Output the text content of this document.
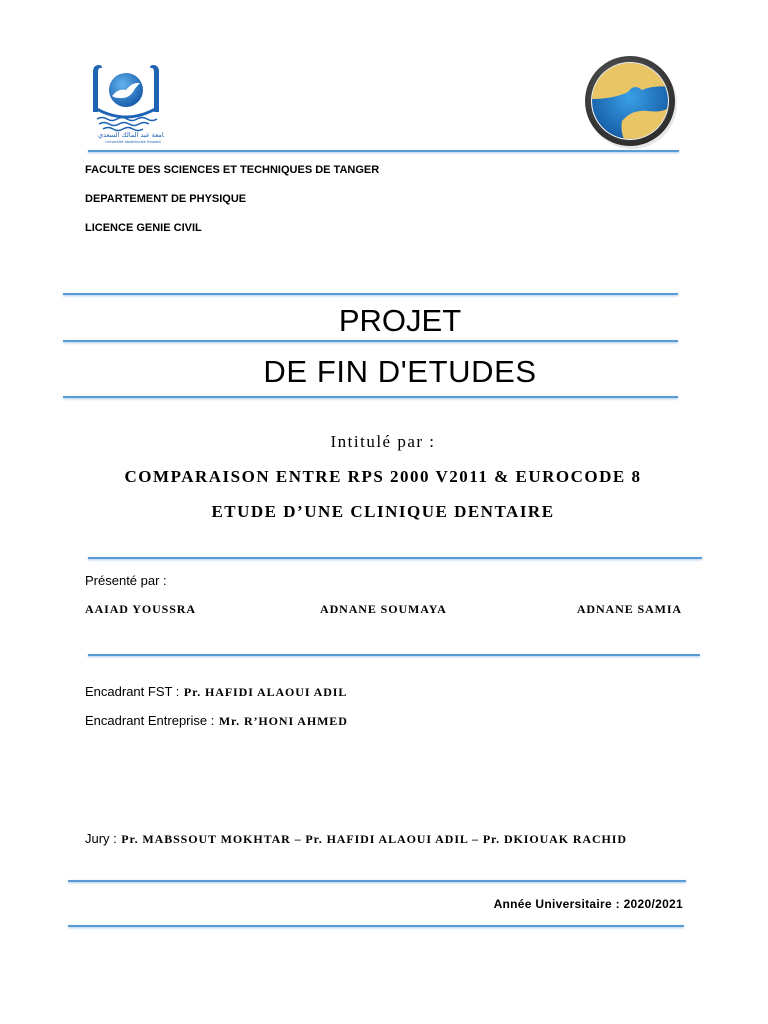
جامعة عبد المالك السعدي
Université Abdelmalek Essaâdi
FACULTE DES SCIENCES ET TECHNIQUES DE TANGER
DEPARTEMENT DE PHYSIQUE
LICENCE GENIE CIVIL
PROJET
DE FIN D'ETUDES
Intitulé par :
COMPARAISON ENTRE RPS 2000 V2011 & EUROCODE 8
ETUDE D’UNE CLINIQUE DENTAIRE
Présenté par :
AAIAD YOUSSRA	ADNANE SOUMAYA	ADNANE SAMIA
Encadrant FST : Pr. HAFIDI ALAOUI ADIL
Encadrant Entreprise : Mr. R’HONI AHMED
Jury : Pr. MABSSOUT MOKHTAR – Pr. HAFIDI ALAOUI ADIL – Pr. DKIOUAK RACHID
Année Universitaire : 2020/2021
